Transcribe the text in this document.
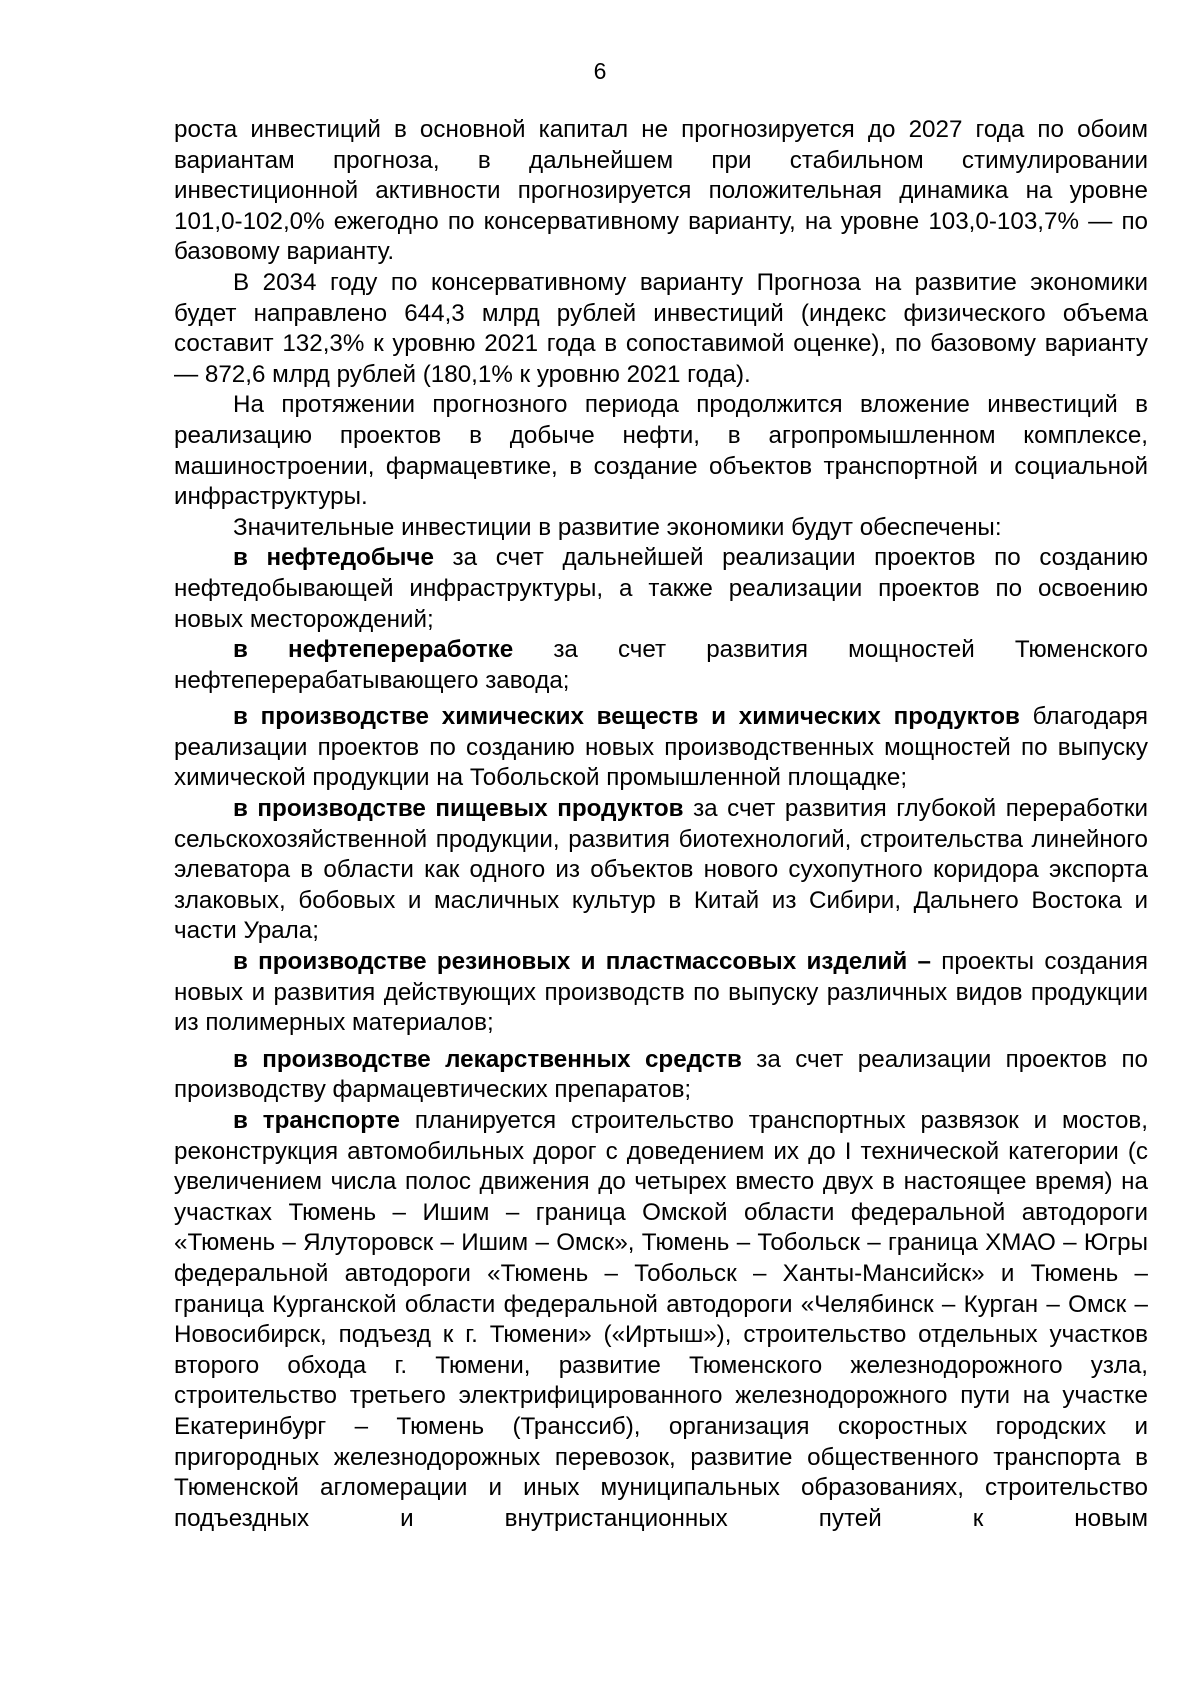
6

роста инвестиций в основной капитал не прогнозируется до 2027 года по обоим вариантам прогноза, в дальнейшем при стабильном стимулировании инвестиционной активности прогнозируется положительная динамика на уровне 101,0-102,0% ежегодно по консервативному варианту, на уровне 103,0-103,7% — по базовому варианту.

В 2034 году по консервативному варианту Прогноза на развитие экономики будет направлено 644,3 млрд рублей инвестиций (индекс физического объема составит 132,3% к уровню 2021 года в сопоставимой оценке), по базовому варианту — 872,6 млрд рублей (180,1% к уровню 2021 года).

На протяжении прогнозного периода продолжится вложение инвестиций в реализацию проектов в добыче нефти, в агропромышленном комплексе, машиностроении, фармацевтике, в создание объектов транспортной и социальной инфраструктуры.

Значительные инвестиции в развитие экономики будут обеспечены:

в нефтедобыче за счет дальнейшей реализации проектов по созданию нефтедобывающей инфраструктуры, а также реализации проектов по освоению новых месторождений;

в нефтепереработке за счет развития мощностей Тюменского нефтеперерабатывающего завода;

в производстве химических веществ и химических продуктов благодаря реализации проектов по созданию новых производственных мощностей по выпуску химической продукции на Тобольской промышленной площадке;

в производстве пищевых продуктов за счет развития глубокой переработки сельскохозяйственной продукции, развития биотехнологий, строительства линейного элеватора в области как одного из объектов нового сухопутного коридора экспорта злаковых, бобовых и масличных культур в Китай из Сибири, Дальнего Востока и части Урала;

в производстве резиновых и пластмассовых изделий – проекты создания новых и развития действующих производств по выпуску различных видов продукции из полимерных материалов;

в производстве лекарственных средств за счет реализации проектов по производству фармацевтических препаратов;

в транспорте планируется строительство транспортных развязок и мостов, реконструкция автомобильных дорог с доведением их до I технической категории (с увеличением числа полос движения до четырех вместо двух в настоящее время) на участках Тюмень – Ишим – граница Омской области федеральной автодороги «Тюмень – Ялуторовск – Ишим – Омск», Тюмень – Тобольск – граница ХМАО – Югры федеральной автодороги «Тюмень – Тобольск – Ханты-Мансийск» и Тюмень – граница Курганской области федеральной автодороги «Челябинск – Курган – Омск – Новосибирск, подъезд к г. Тюмени» («Иртыш»), строительство отдельных участков второго обхода г. Тюмени, развитие Тюменского железнодорожного узла, строительство третьего электрифицированного железнодорожного пути на участке Екатеринбург – Тюмень (Транссиб), организация скоростных городских и пригородных железнодорожных перевозок, развитие общественного транспорта в Тюменской агломерации и иных муниципальных образованиях, строительство подъездных и внутристанционных путей к новым
